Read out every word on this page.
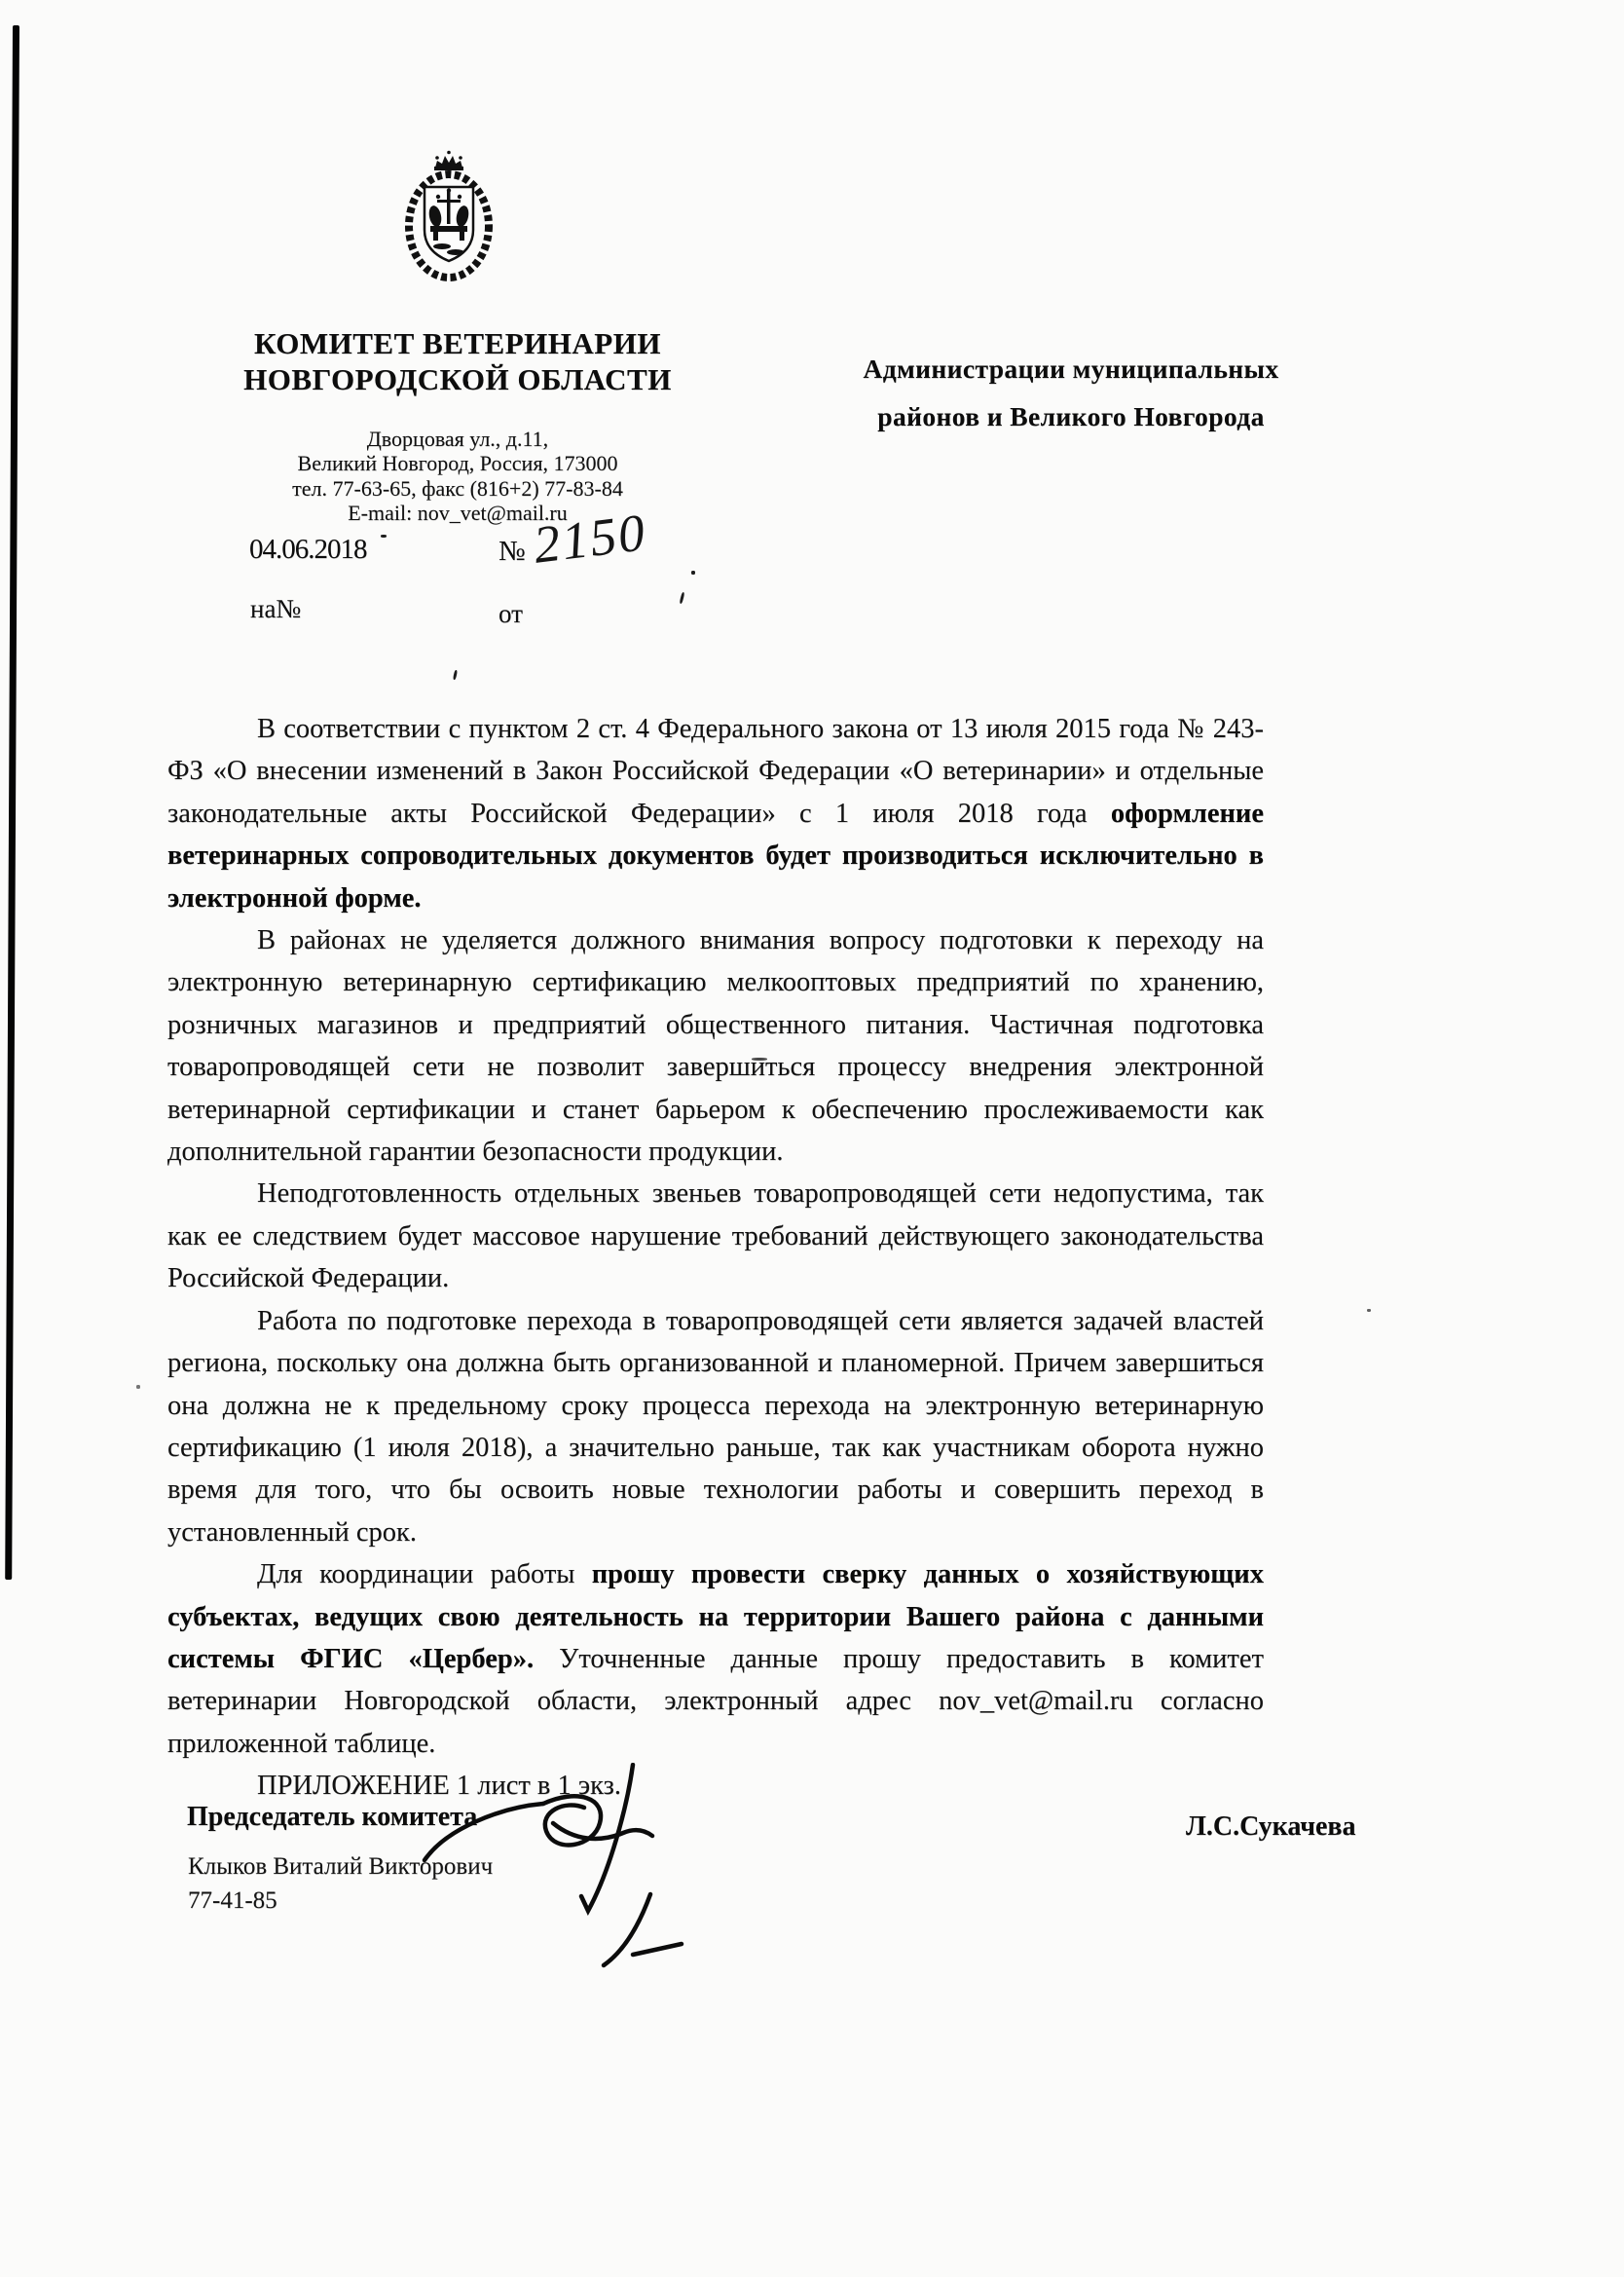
КОМИТЕТ ВЕТЕРИНАРИИ
НОВГОРОДСКОЙ ОБЛАСТИ
Дворцовая ул., д.11,
Великий Новгород, Россия, 173000
тел. 77-63-65, факс (816+2) 77-83-84
E-mail: nov_vet@mail.ru
04.06.2018	№ 2150
на№	от
Администрации муниципальных
районов и Великого Новгорода

В соответствии с пунктом 2 ст. 4 Федерального закона от 13 июля 2015 года № 243-ФЗ «О внесении изменений в Закон Российской Федерации «О ветеринарии» и отдельные законодательные акты Российской Федерации» с 1 июля 2018 года оформление ветеринарных сопроводительных документов будет производиться исключительно в электронной форме.

В районах не уделяется должного внимания вопросу подготовки к переходу на электронную ветеринарную сертификацию мелкооптовых предприятий по хранению, розничных магазинов и предприятий общественного питания. Частичная подготовка товаропроводящей сети не позволит завершиться процессу внедрения электронной ветеринарной сертификации и станет барьером к обеспечению прослеживаемости как дополнительной гарантии безопасности продукции.

Неподготовленность отдельных звеньев товаропроводящей сети недопустима, так как ее следствием будет массовое нарушение требований действующего законодательства Российской Федерации.

Работа по подготовке перехода в товаропроводящей сети является задачей властей региона, поскольку она должна быть организованной и планомерной. Причем завершиться она должна не к предельному сроку процесса перехода на электронную ветеринарную сертификацию (1 июля 2018), а значительно раньше, так как участникам оборота нужно время для того, что бы освоить новые технологии работы и совершить переход в установленный срок.

Для координации работы прошу провести сверку данных о хозяйствующих субъектах, ведущих свою деятельность на территории Вашего района с данными системы ФГИС «Цербер». Уточненные данные прошу предоставить в комитет ветеринарии Новгородской области, электронный адрес nov_vet@mail.ru согласно приложенной таблице.

ПРИЛОЖЕНИЕ 1 лист в 1 экз.

Председатель комитета	Л.С.Сукачева
Клыков Виталий Викторович
77-41-85
